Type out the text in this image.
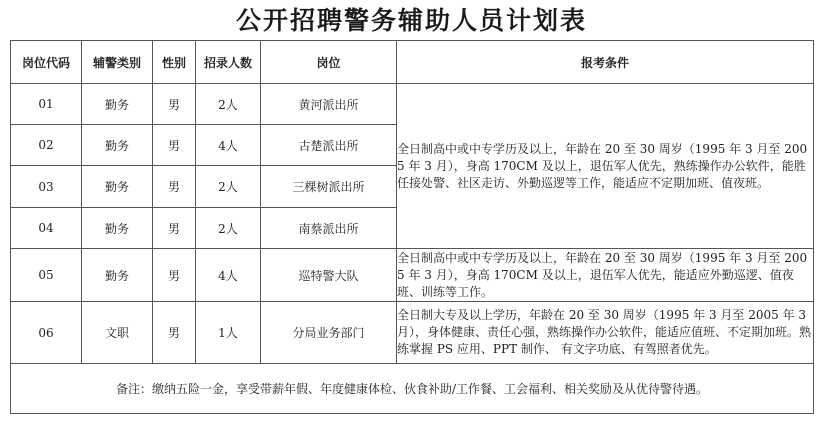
公开招聘警务辅助人员计划表
岗位代码	辅警类别	性别	招录人数	岗位	报考条件
01	勤务	男	2人	黄河派出所	全日制高中或中专学历及以上，年龄在 20 至 30 周岁（1995 年 3 月至 2005 年 3 月），身高 170CM 及以上，退伍军人优先，熟练操作办公软件，能胜任接处警、社区走访、外勤巡逻等工作，能适应不定期加班、值夜班。
02	勤务	男	4人	古楚派出所	
03	勤务	男	2人	三棵树派出所	
04	勤务	男	2人	南蔡派出所	
05	勤务	男	4人	巡特警大队	全日制高中或中专学历及以上，年龄在 20 至 30 周岁（1995 年 3 月至 2005 年 3 月），身高 170CM 及以上，退伍军人优先，能适应外勤巡逻、值夜班、训练等工作。
06	文职	男	1人	分局业务部门	全日制大专及以上学历，年龄在 20 至 30 周岁（1995 年 3 月至 2005 年 3 月），身体健康、责任心强，熟练操作办公软件，能适应值班、不定期加班。熟练掌握 PS 应用、PPT 制作、 有文字功底、有驾照者优先。
备注：缴纳五险一金，享受带薪年假、年度健康体检、伙食补助/工作餐、工会福利、相关奖励及从优待警待遇。					
